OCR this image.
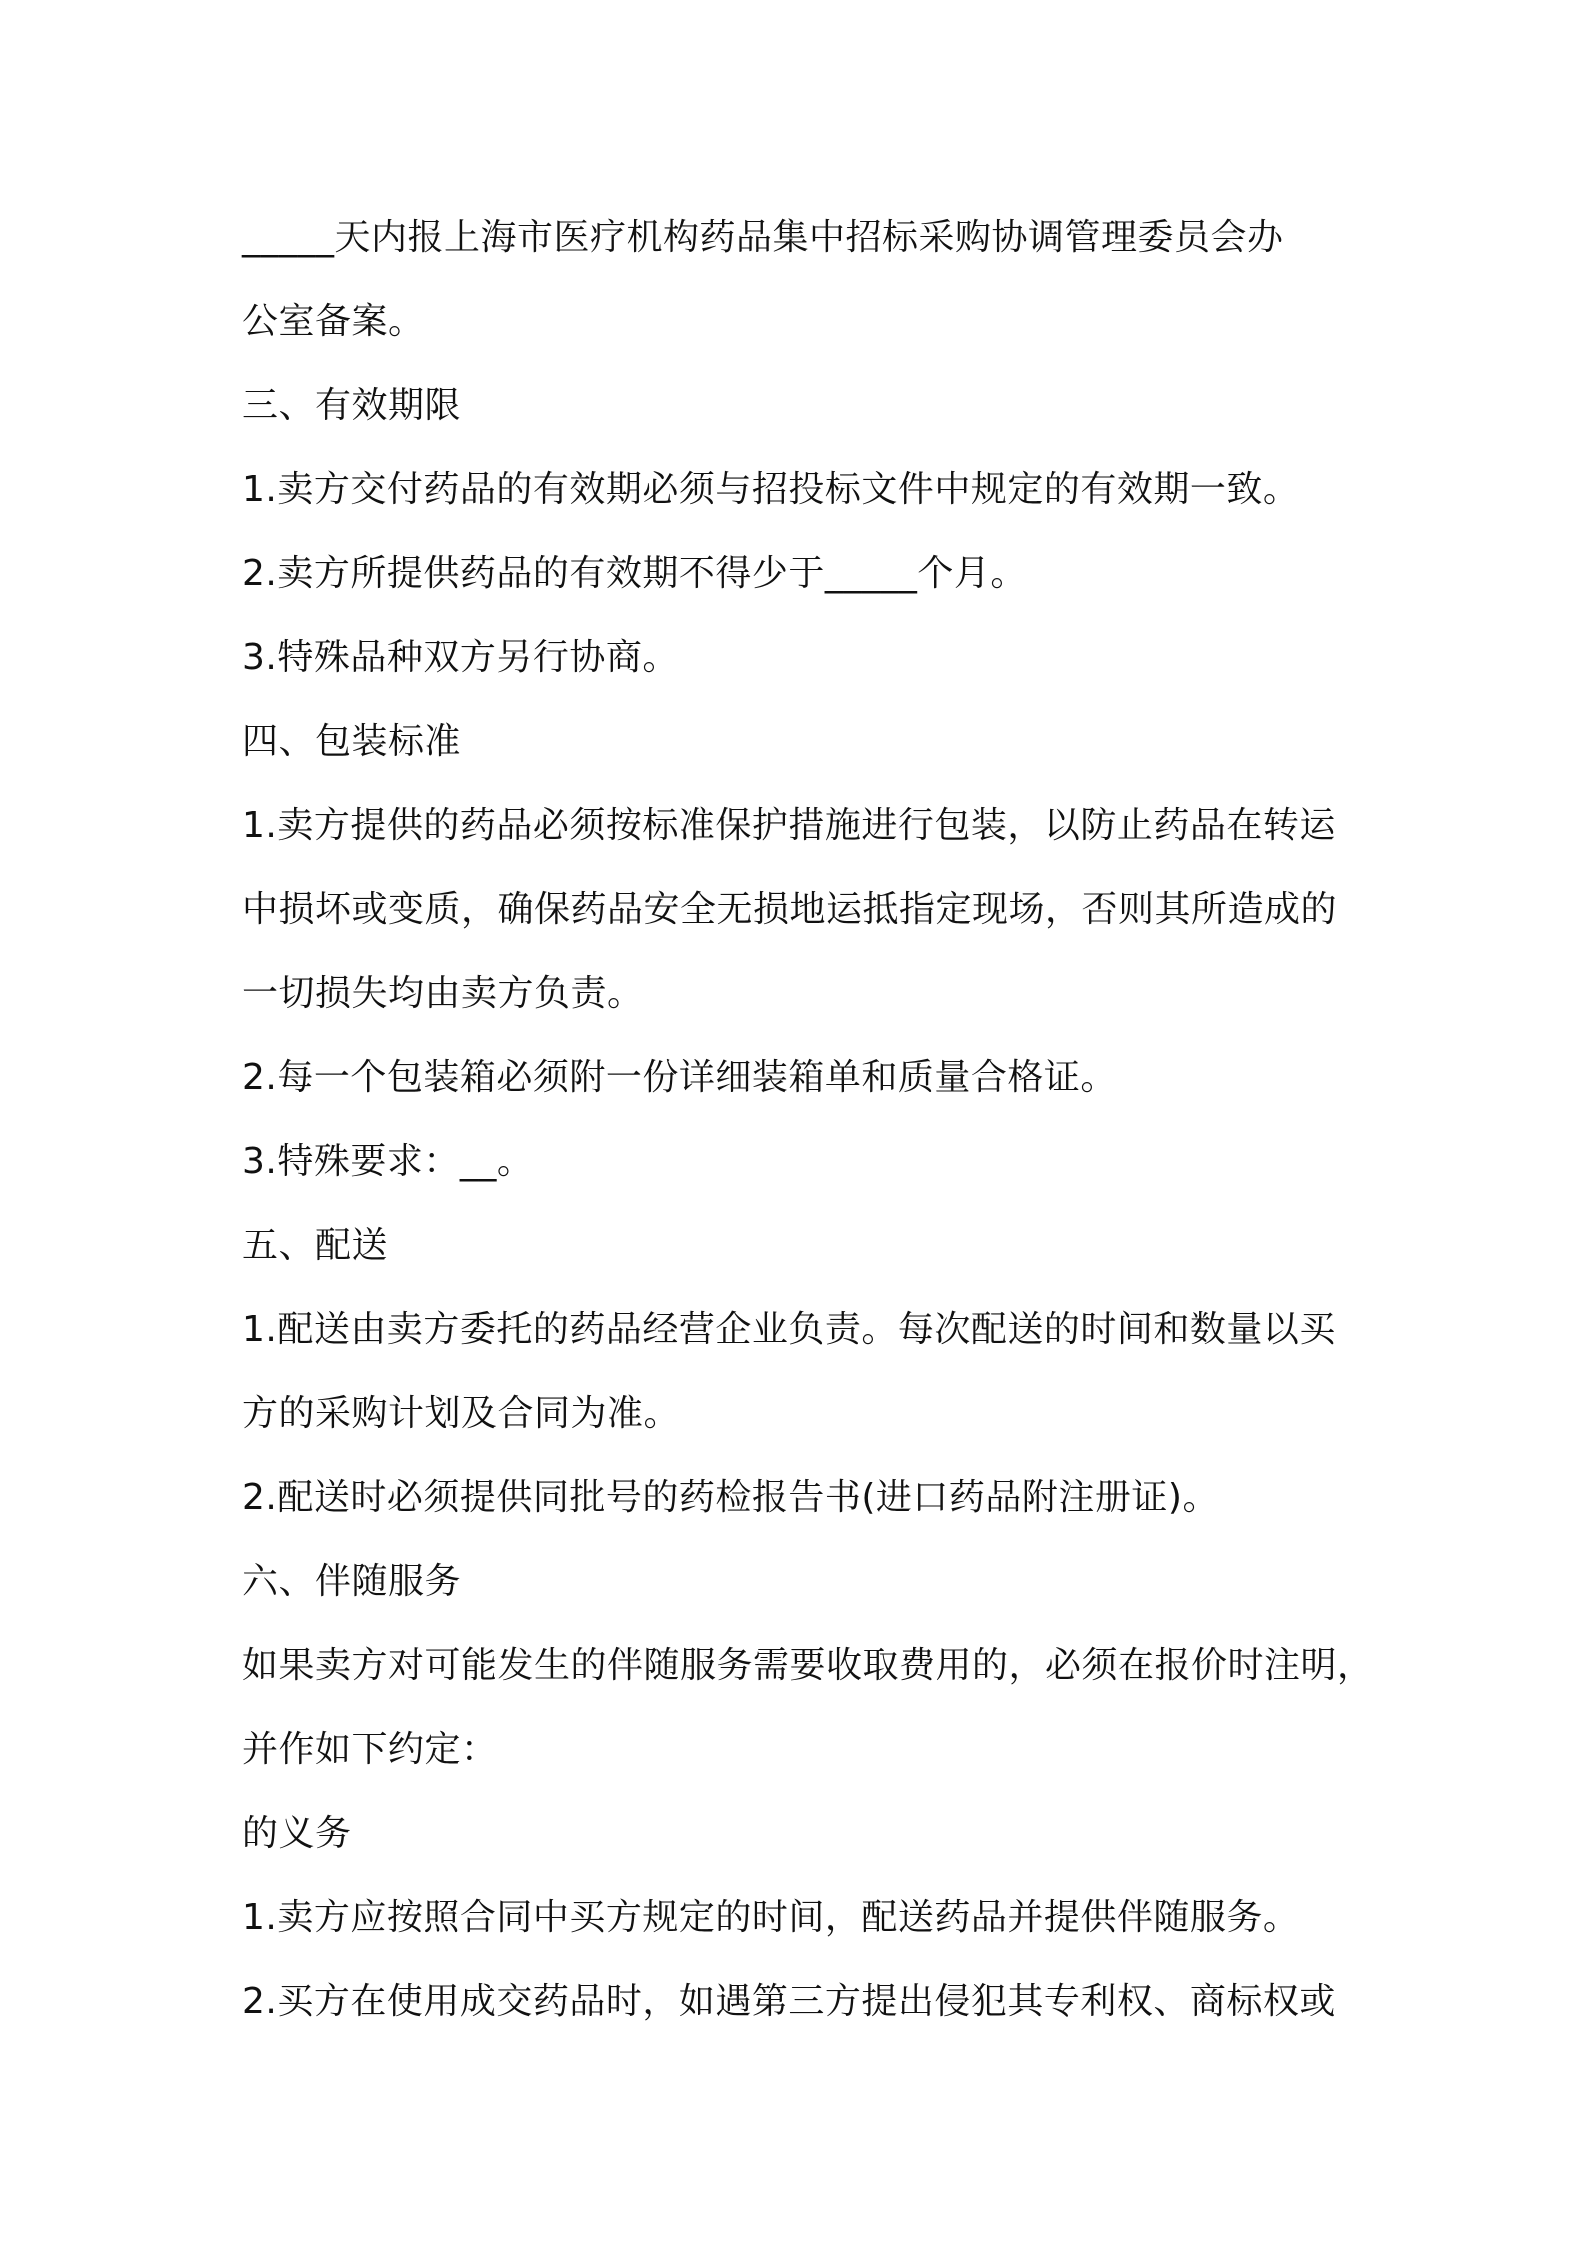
_____天内报上海市医疗机构药品集中招标采购协调管理委员会办
公室备案。
三、有效期限
1.卖方交付药品的有效期必须与招投标文件中规定的有效期一致。
2.卖方所提供药品的有效期不得少于_____个月。
3.特殊品种双方另行协商。
四、包装标准
1.卖方提供的药品必须按标准保护措施进行包装，以防止药品在转运
中损坏或变质，确保药品安全无损地运抵指定现场，否则其所造成的
一切损失均由卖方负责。
2.每一个包装箱必须附一份详细装箱单和质量合格证。
3.特殊要求：__。
五、配送
1.配送由卖方委托的药品经营企业负责。每次配送的时间和数量以买
方的采购计划及合同为准。
2.配送时必须提供同批号的药检报告书(进口药品附注册证)。
六、伴随服务
如果卖方对可能发生的伴随服务需要收取费用的，必须在报价时注明，
并作如下约定：
的义务
1.卖方应按照合同中买方规定的时间，配送药品并提供伴随服务。
2.买方在使用成交药品时，如遇第三方提出侵犯其专利权、商标权或
